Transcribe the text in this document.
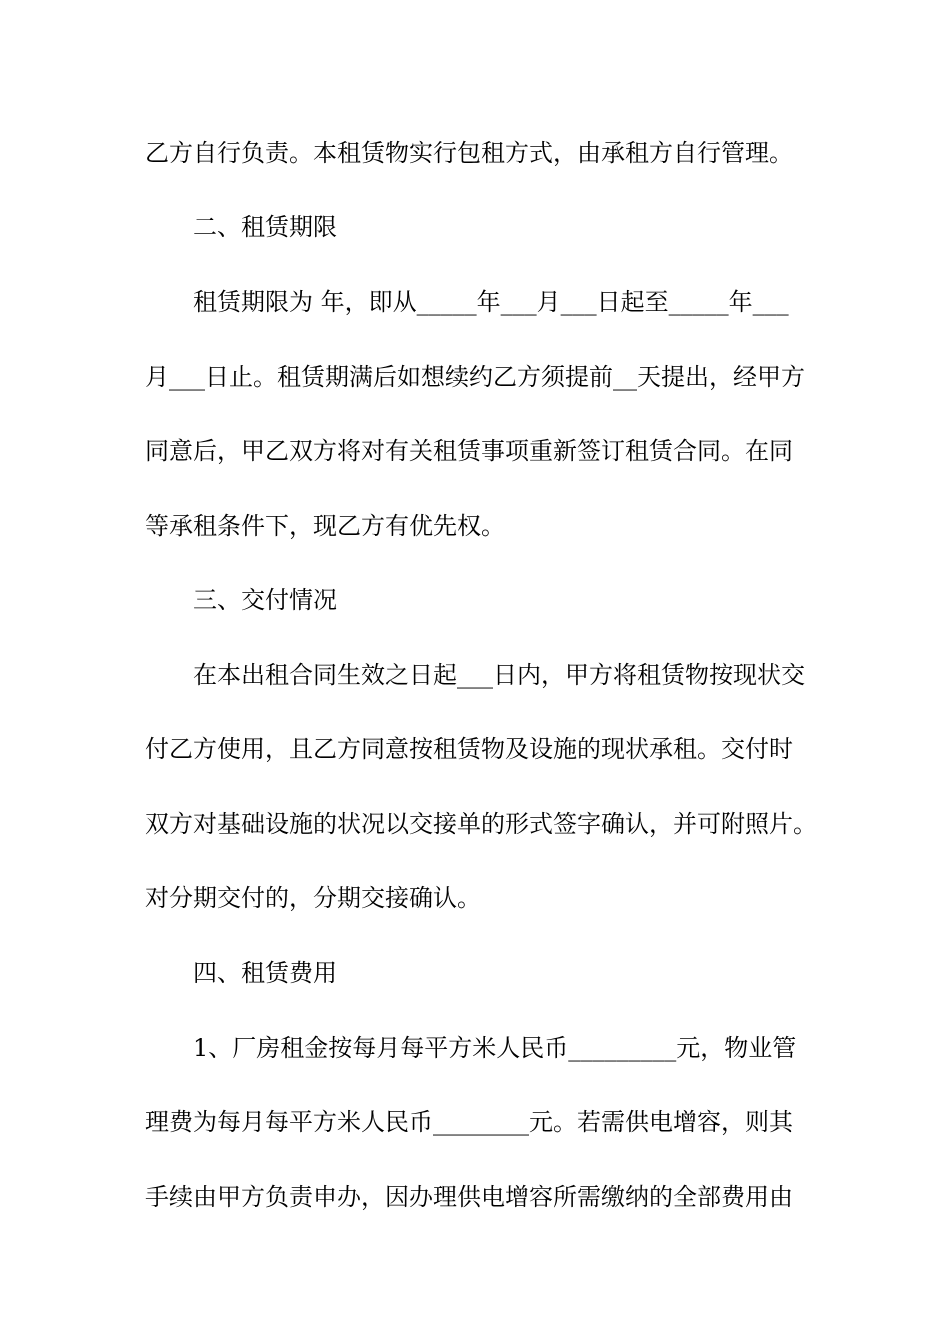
乙方自行负责。本租赁物实行包租方式，由承租方自行管理。
二、租赁期限
租赁期限为 年，即从_____年___月___日起至_____年___
月___日止。租赁期满后如想续约乙方须提前__天提出，经甲方
同意后，甲乙双方将对有关租赁事项重新签订租赁合同。在同
等承租条件下，现乙方有优先权。
三、交付情况
在本出租合同生效之日起___日内，甲方将租赁物按现状交
付乙方使用，且乙方同意按租赁物及设施的现状承租。交付时
双方对基础设施的状况以交接单的形式签字确认，并可附照片。
对分期交付的，分期交接确认。
四、租赁费用
1、厂房租金按每月每平方米人民币_________元，物业管
理费为每月每平方米人民币________元。若需供电增容，则其
手续由甲方负责申办，因办理供电增容所需缴纳的全部费用由
